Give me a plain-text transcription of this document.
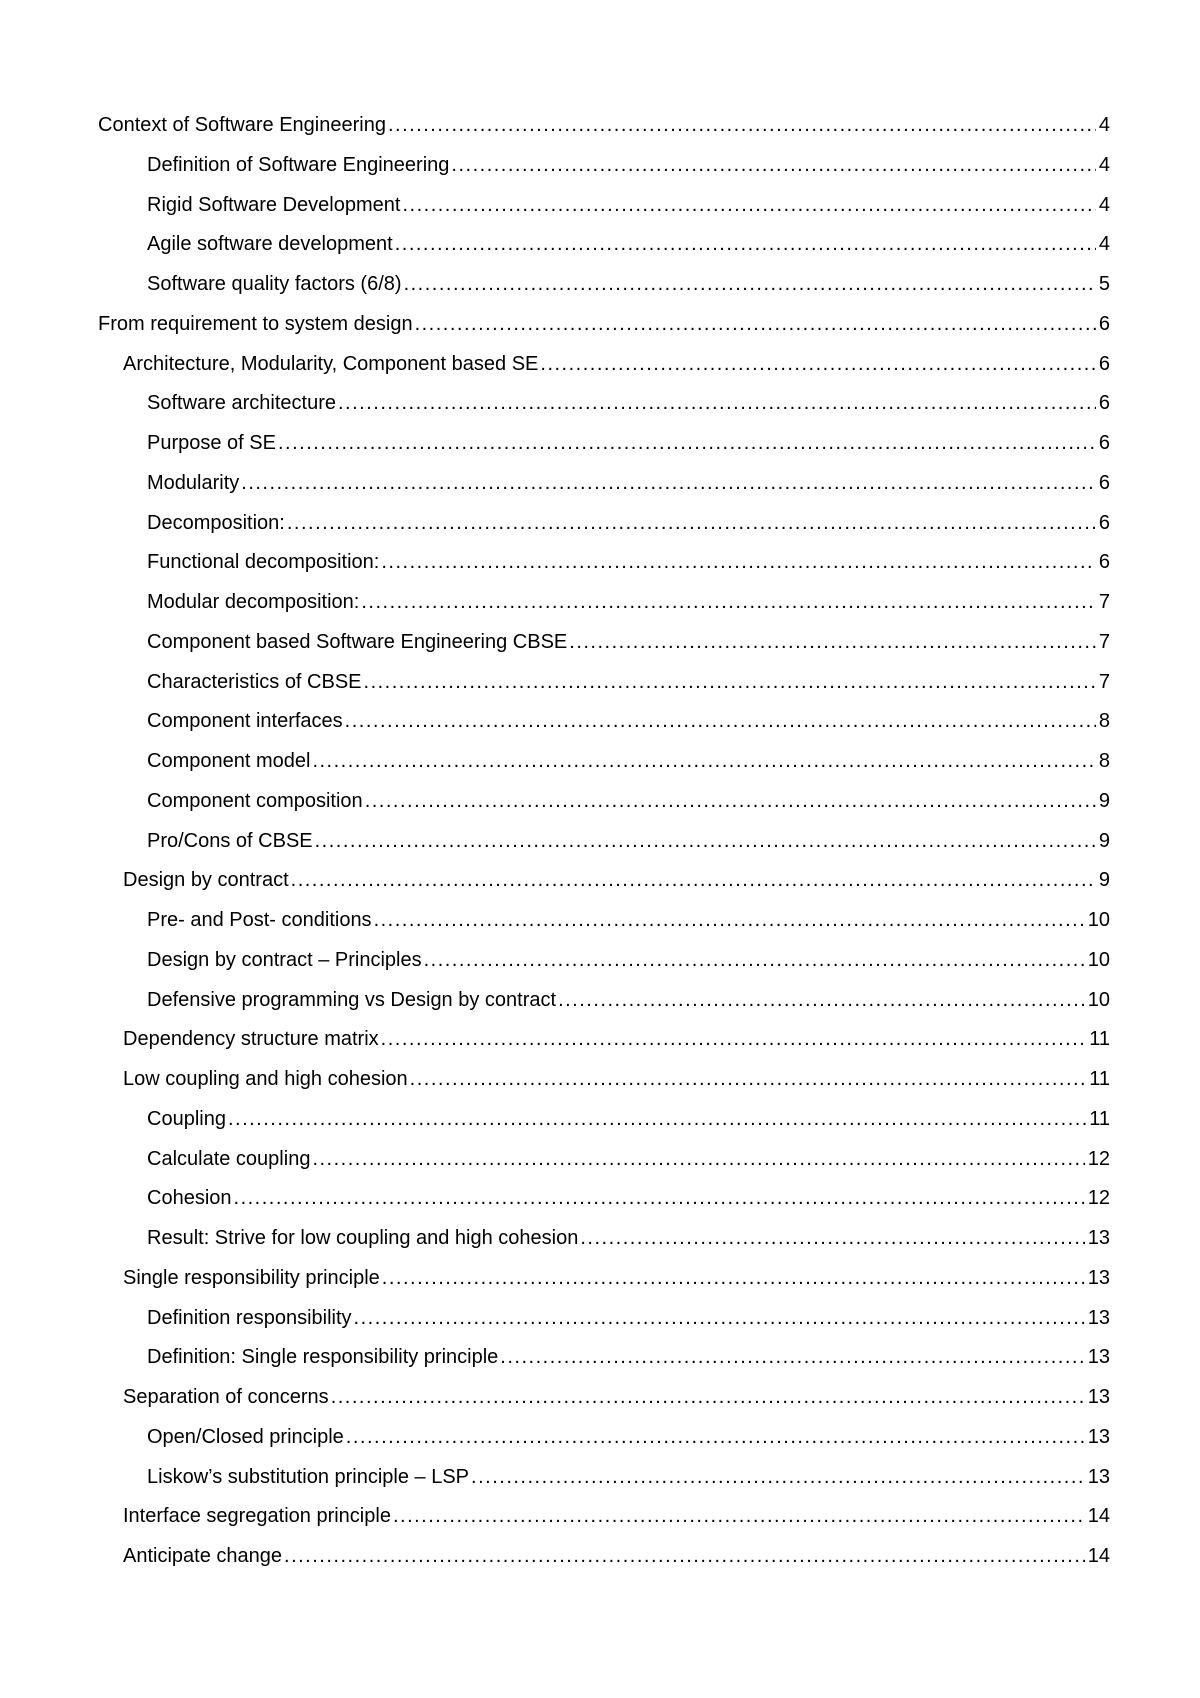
Context of Software Engineering .....	4
Definition of Software Engineering .....	4
Rigid Software Development .....	4
Agile software development .....	4
Software quality factors (6/8) .....	5
From requirement to system design .....	6
Architecture, Modularity, Component based SE .....	6
Software architecture .....	6
Purpose of SE .....	6
Modularity .....	6
Decomposition: .....	6
Functional decomposition: .....	6
Modular decomposition: .....	7
Component based Software Engineering CBSE .....	7
Characteristics of CBSE .....	7
Component interfaces .....	8
Component model .....	8
Component composition .....	9
Pro/Cons of CBSE .....	9
Design by contract .....	9
Pre- and Post- conditions .....	10
Design by contract – Principles .....	10
Defensive programming vs Design by contract .....	10
Dependency structure matrix .....	11
Low coupling and high cohesion .....	11
Coupling .....	11
Calculate coupling .....	12
Cohesion .....	12
Result: Strive for low coupling and high cohesion .....	13
Single responsibility principle .....	13
Definition responsibility .....	13
Definition: Single responsibility principle .....	13
Separation of concerns .....	13
Open/Closed principle .....	13
Liskow’s substitution principle – LSP .....	13
Interface segregation principle .....	14
Anticipate change .....	14
